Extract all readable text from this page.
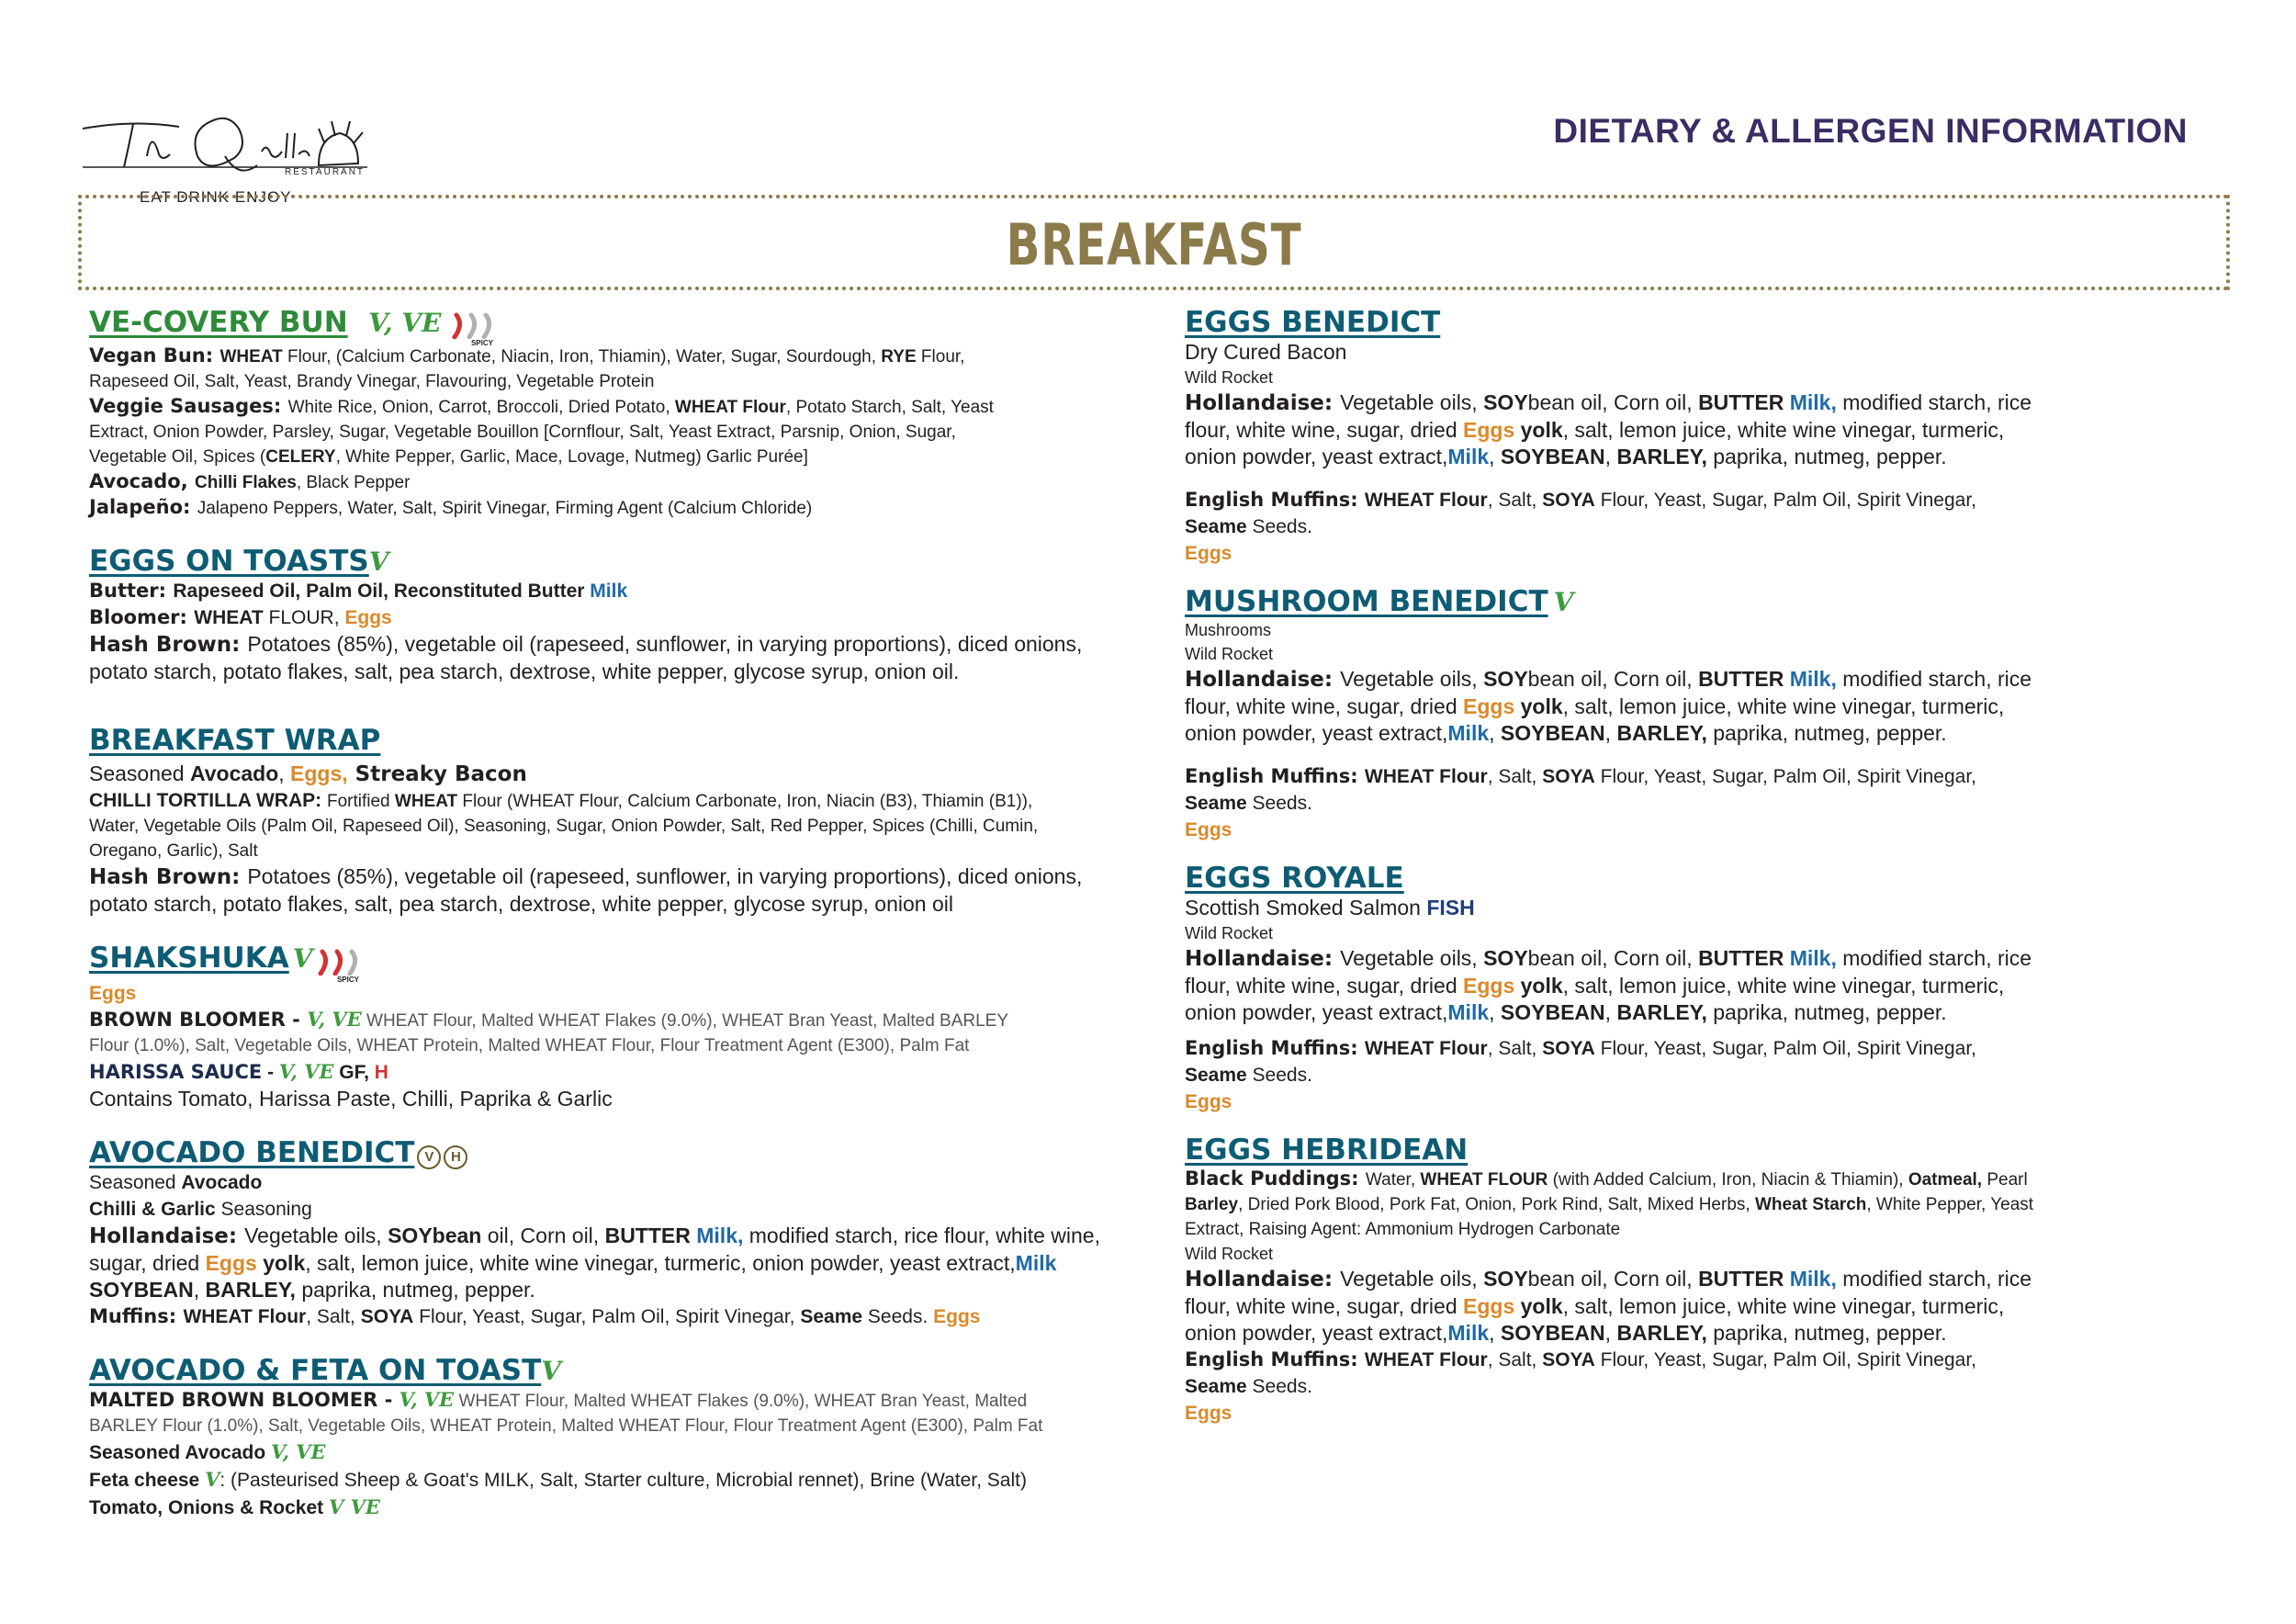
RESTAURANT
EAT DRINK ENJOY
DIETARY & ALLERGEN INFORMATION
BREAKFAST
VE-COVERY BUN V, VE
SPICY

Vegan Bun: WHEAT Flour, (Calcium Carbonate, Niacin, Iron, Thiamin), Water, Sugar, Sourdough, RYE Flour,

Rapeseed Oil, Salt, Yeast, Brandy Vinegar, Flavouring, Vegetable Protein

Veggie Sausages: White Rice, Onion, Carrot, Broccoli, Dried Potato, WHEAT Flour, Potato Starch, Salt, Yeast

Extract, Onion Powder, Parsley, Sugar, Vegetable Bouillon [Cornflour, Salt, Yeast Extract, Parsnip, Onion, Sugar,

Vegetable Oil, Spices (CELERY, White Pepper, Garlic, Mace, Lovage, Nutmeg) Garlic Purée]

Avocado, Chilli Flakes, Black Pepper

Jalapeño: Jalapeno Peppers, Water, Salt, Spirit Vinegar, Firming Agent (Calcium Chloride)

EGGS ON TOASTSV

Butter: Rapeseed Oil, Palm Oil, Reconstituted Butter Milk

Bloomer: WHEAT FLOUR, Eggs

Hash Brown: Potatoes (85%), vegetable oil (rapeseed, sunflower, in varying proportions), diced onions,

potato starch, potato flakes, salt, pea starch, dextrose, white pepper, glycose syrup, onion oil.

BREAKFAST WRAP

Seasoned Avocado, Eggs, Streaky Bacon

CHILLI TORTILLA WRAP: Fortified WHEAT Flour (WHEAT Flour, Calcium Carbonate, Iron, Niacin (B3), Thiamin (B1)),

Water, Vegetable Oils (Palm Oil, Rapeseed Oil), Seasoning, Sugar, Onion Powder, Salt, Red Pepper, Spices (Chilli, Cumin,

Oregano, Garlic), Salt

Hash Brown: Potatoes (85%), vegetable oil (rapeseed, sunflower, in varying proportions), diced onions,

potato starch, potato flakes, salt, pea starch, dextrose, white pepper, glycose syrup, onion oil

SHAKSHUKA V
SPICY

Eggs

BROWN BLOOMER - V, VE WHEAT Flour, Malted WHEAT Flakes (9.0%), WHEAT Bran Yeast, Malted BARLEY

Flour (1.0%), Salt, Vegetable Oils, WHEAT Protein, Malted WHEAT Flour, Flour Treatment Agent (E300), Palm Fat

HARISSA SAUCE - V, VE GF, H

Contains Tomato, Harissa Paste, Chilli, Paprika & Garlic

AVOCADO BENEDICT V H

Seasoned Avocado

Chilli & Garlic Seasoning

Hollandaise: Vegetable oils, SOYbean oil, Corn oil, BUTTER Milk, modified starch, rice flour, white wine,

sugar, dried Eggs yolk, salt, lemon juice, white wine vinegar, turmeric, onion powder, yeast extract,Milk

SOYBEAN, BARLEY, paprika, nutmeg, pepper.

Muffins: WHEAT Flour, Salt, SOYA Flour, Yeast, Sugar, Palm Oil, Spirit Vinegar, Seame Seeds. Eggs

AVOCADO & FETA ON TOASTV

MALTED BROWN BLOOMER - V, VE WHEAT Flour, Malted WHEAT Flakes (9.0%), WHEAT Bran Yeast, Malted

BARLEY Flour (1.0%), Salt, Vegetable Oils, WHEAT Protein, Malted WHEAT Flour, Flour Treatment Agent (E300), Palm Fat

Seasoned Avocado V, VE

Feta cheese V: (Pasteurised Sheep & Goat's MILK, Salt, Starter culture, Microbial rennet), Brine (Water, Salt)

Tomato, Onions & Rocket V VE

EGGS BENEDICT

Dry Cured Bacon

Wild Rocket

Hollandaise: Vegetable oils, SOYbean oil, Corn oil, BUTTER Milk, modified starch, rice

flour, white wine, sugar, dried Eggs yolk, salt, lemon juice, white wine vinegar, turmeric,

onion powder, yeast extract,Milk, SOYBEAN, BARLEY, paprika, nutmeg, pepper.

English Muffins: WHEAT Flour, Salt, SOYA Flour, Yeast, Sugar, Palm Oil, Spirit Vinegar,

Seame Seeds.

Eggs

MUSHROOM BENEDICT V

Mushrooms

Wild Rocket

Hollandaise: Vegetable oils, SOYbean oil, Corn oil, BUTTER Milk, modified starch, rice

flour, white wine, sugar, dried Eggs yolk, salt, lemon juice, white wine vinegar, turmeric,

onion powder, yeast extract,Milk, SOYBEAN, BARLEY, paprika, nutmeg, pepper.

English Muffins: WHEAT Flour, Salt, SOYA Flour, Yeast, Sugar, Palm Oil, Spirit Vinegar,

Seame Seeds.

Eggs

EGGS ROYALE

Scottish Smoked Salmon FISH

Wild Rocket

Hollandaise: Vegetable oils, SOYbean oil, Corn oil, BUTTER Milk, modified starch, rice

flour, white wine, sugar, dried Eggs yolk, salt, lemon juice, white wine vinegar, turmeric,

onion powder, yeast extract,Milk, SOYBEAN, BARLEY, paprika, nutmeg, pepper.

English Muffins: WHEAT Flour, Salt, SOYA Flour, Yeast, Sugar, Palm Oil, Spirit Vinegar,

Seame Seeds.

Eggs

EGGS HEBRIDEAN

Black Puddings: Water, WHEAT FLOUR (with Added Calcium, Iron, Niacin & Thiamin), Oatmeal, Pearl

Barley, Dried Pork Blood, Pork Fat, Onion, Pork Rind, Salt, Mixed Herbs, Wheat Starch, White Pepper, Yeast

Extract, Raising Agent: Ammonium Hydrogen Carbonate

Wild Rocket

Hollandaise: Vegetable oils, SOYbean oil, Corn oil, BUTTER Milk, modified starch, rice

flour, white wine, sugar, dried Eggs yolk, salt, lemon juice, white wine vinegar, turmeric,

onion powder, yeast extract,Milk, SOYBEAN, BARLEY, paprika, nutmeg, pepper.

English Muffins: WHEAT Flour, Salt, SOYA Flour, Yeast, Sugar, Palm Oil, Spirit Vinegar,

Seame Seeds.

Eggs
